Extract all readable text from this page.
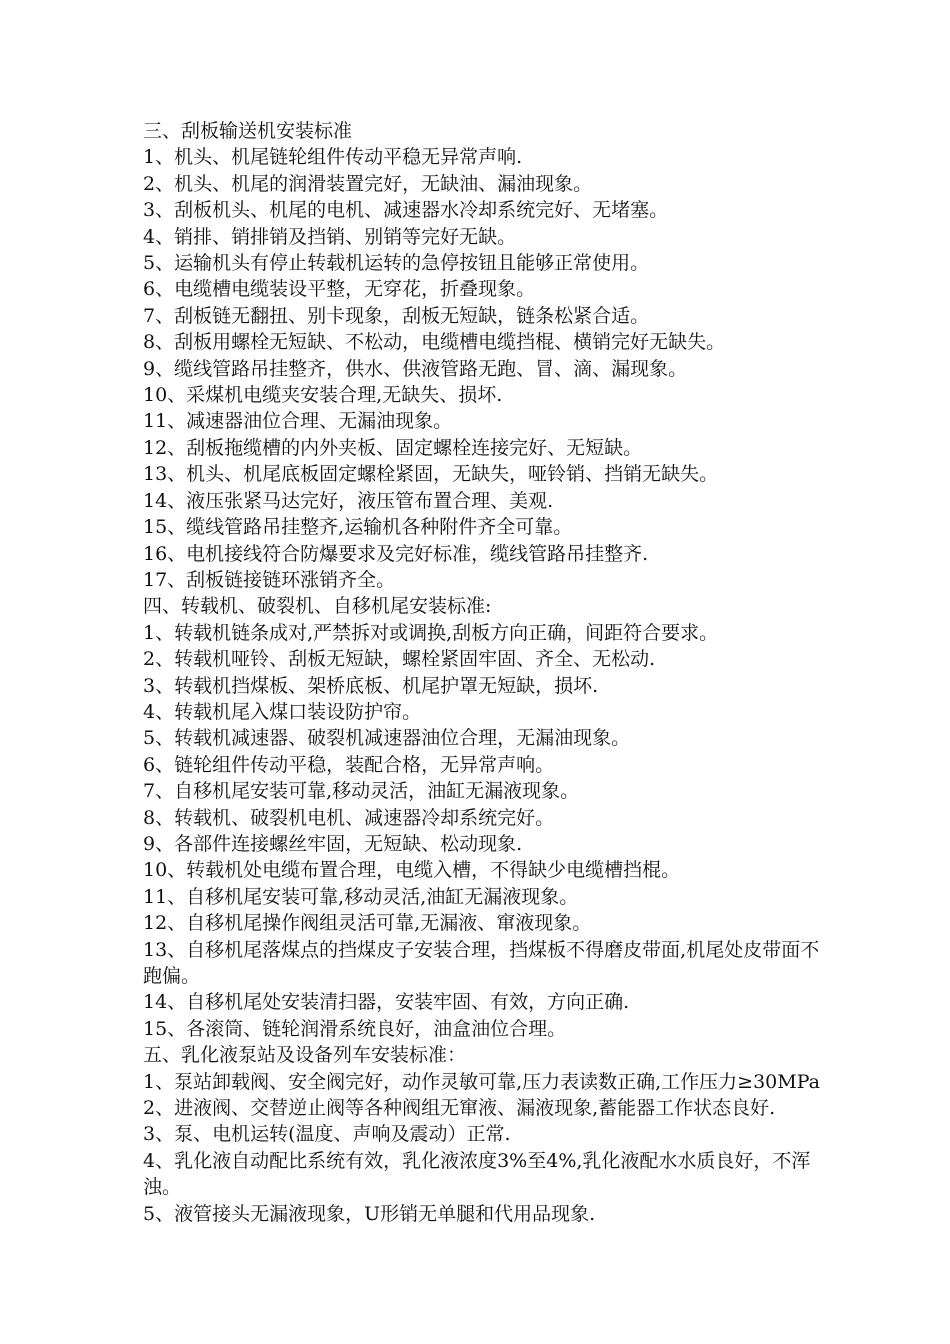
三、刮板输送机安装标准

1、机头、机尾链轮组件传动平稳无异常声响.

2、机头、机尾的润滑装置完好，无缺油、漏油现象。

3、刮板机头、机尾的电机、减速器水冷却系统完好、无堵塞。

4、销排、销排销及挡销、别销等完好无缺。

5、运输机头有停止转载机运转的急停按钮且能够正常使用。

6、电缆槽电缆装设平整，无穿花，折叠现象。

7、刮板链无翻扭、别卡现象，刮板无短缺，链条松紧合适。

8、刮板用螺栓无短缺、不松动，电缆槽电缆挡棍、横销完好无缺失。

9、缆线管路吊挂整齐，供水、供液管路无跑、冒、滴、漏现象。

10、采煤机电缆夹安装合理,无缺失、损坏.

11、减速器油位合理、无漏油现象。

12、刮板拖缆槽的内外夹板、固定螺栓连接完好、无短缺。

13、机头、机尾底板固定螺栓紧固，无缺失，哑铃销、挡销无缺失。

14、液压张紧马达完好，液压管布置合理、美观.

15、缆线管路吊挂整齐,运输机各种附件齐全可靠。

16、电机接线符合防爆要求及完好标准，缆线管路吊挂整齐.

17、刮板链接链环涨销齐全。

四、转载机、破裂机、自移机尾安装标准:

1、转载机链条成对,严禁拆对或调换,刮板方向正确，间距符合要求。

2、转载机哑铃、刮板无短缺，螺栓紧固牢固、齐全、无松动.

3、转载机挡煤板、架桥底板、机尾护罩无短缺，损坏.

4、转载机尾入煤口装设防护帘。

5、转载机减速器、破裂机减速器油位合理，无漏油现象。

6、链轮组件传动平稳，装配合格，无异常声响。

7、自移机尾安装可靠,移动灵活，油缸无漏液现象。

8、转载机、破裂机电机、减速器冷却系统完好。

9、各部件连接螺丝牢固，无短缺、松动现象.

10、转载机处电缆布置合理，电缆入槽，不得缺少电缆槽挡棍。

11、自移机尾安装可靠,移动灵活,油缸无漏液现象。

12、自移机尾操作阀组灵活可靠,无漏液、窜液现象。

13、自移机尾落煤点的挡煤皮子安装合理，挡煤板不得磨皮带面,机尾处皮带面不跑偏。

14、自移机尾处安装清扫器，安装牢固、有效，方向正确.

15、各滚筒、链轮润滑系统良好，油盒油位合理。

五、乳化液泵站及设备列车安装标准：

1、泵站卸载阀、安全阀完好，动作灵敏可靠,压力表读数正确,工作压力≥30MPa

2、进液阀、交替逆止阀等各种阀组无窜液、漏液现象,蓄能器工作状态良好.

3、泵、电机运转(温度、声响及震动）正常.

4、乳化液自动配比系统有效，乳化液浓度3%至4%,乳化液配水水质良好，不浑浊。

5、液管接头无漏液现象，U形销无单腿和代用品现象.
